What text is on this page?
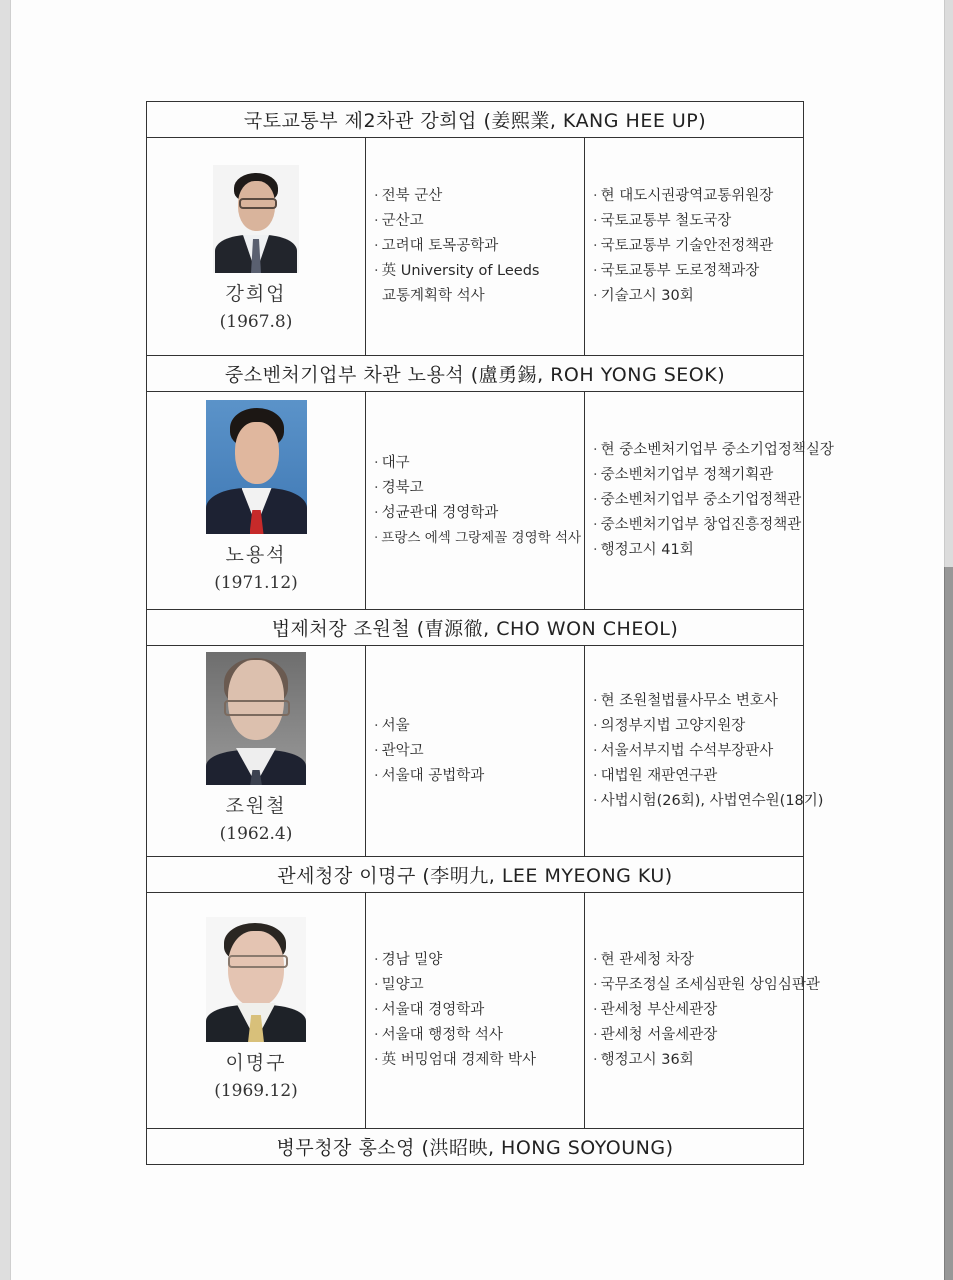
국토교통부 제2차관 강희업 (姜熙業, KANG HEE UP)		

강희업
(1967.8)

· 전북 군산
· 군산고
· 고려대 토목공학과
· 英 University of Leeds
교통계획학 석사

· 현 대도시권광역교통위원장
· 국토교통부 철도국장
· 국토교통부 기술안전정책관
· 국토교통부 도로정책과장
· 기술고시 30회

중소벤처기업부 차관 노용석 (盧勇錫, ROH YONG SEOK)		

노용석
(1971.12)

· 대구
· 경북고
· 성균관대 경영학과
· 프랑스 에섹 그랑제꼴 경영학 석사

· 현 중소벤처기업부 중소기업정책실장
· 중소벤처기업부 정책기획관
· 중소벤처기업부 중소기업정책관
· 중소벤처기업부 창업진흥정책관
· 행정고시 41회

법제처장 조원철 (曺源徹, CHO WON CHEOL)		

조원철
(1962.4)

· 서울
· 관악고
· 서울대 공법학과

· 현 조원철법률사무소 변호사
· 의정부지법 고양지원장
· 서울서부지법 수석부장판사
· 대법원 재판연구관
· 사법시험(26회), 사법연수원(18기)

관세청장 이명구 (李明九, LEE MYEONG KU)		

이명구
(1969.12)

· 경남 밀양
· 밀양고
· 서울대 경영학과
· 서울대 행정학 석사
· 英 버밍엄대 경제학 박사

· 현 관세청 차장
· 국무조정실 조세심판원 상임심판관
· 관세청 부산세관장
· 관세청 서울세관장
· 행정고시 36회

병무청장 홍소영 (洪昭映, HONG SOYOUNG)		
